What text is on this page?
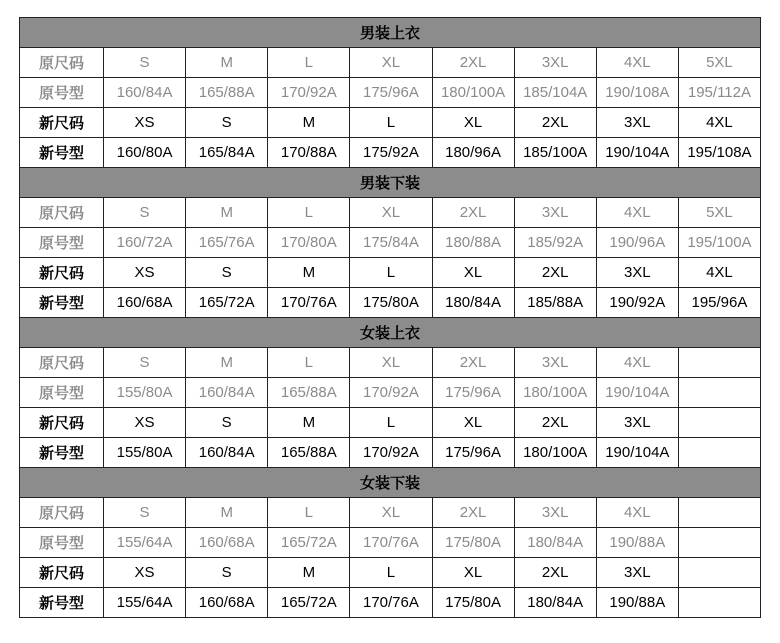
男装上衣								
原尺码	S	M	L	XL	2XL	3XL	4XL	5XL
原号型	160/84A	165/88A	170/92A	175/96A	180/100A	185/104A	190/108A	195/112A
新尺码	XS	S	M	L	XL	2XL	3XL	4XL
新号型	160/80A	165/84A	170/88A	175/92A	180/96A	185/100A	190/104A	195/108A
男装下装								
原尺码	S	M	L	XL	2XL	3XL	4XL	5XL
原号型	160/72A	165/76A	170/80A	175/84A	180/88A	185/92A	190/96A	195/100A
新尺码	XS	S	M	L	XL	2XL	3XL	4XL
新号型	160/68A	165/72A	170/76A	175/80A	180/84A	185/88A	190/92A	195/96A
女装上衣								
原尺码	S	M	L	XL	2XL	3XL	4XL	
原号型	155/80A	160/84A	165/88A	170/92A	175/96A	180/100A	190/104A	
新尺码	XS	S	M	L	XL	2XL	3XL	
新号型	155/80A	160/84A	165/88A	170/92A	175/96A	180/100A	190/104A	
女装下装								
原尺码	S	M	L	XL	2XL	3XL	4XL	
原号型	155/64A	160/68A	165/72A	170/76A	175/80A	180/84A	190/88A	
新尺码	XS	S	M	L	XL	2XL	3XL	
新号型	155/64A	160/68A	165/72A	170/76A	175/80A	180/84A	190/88A	
